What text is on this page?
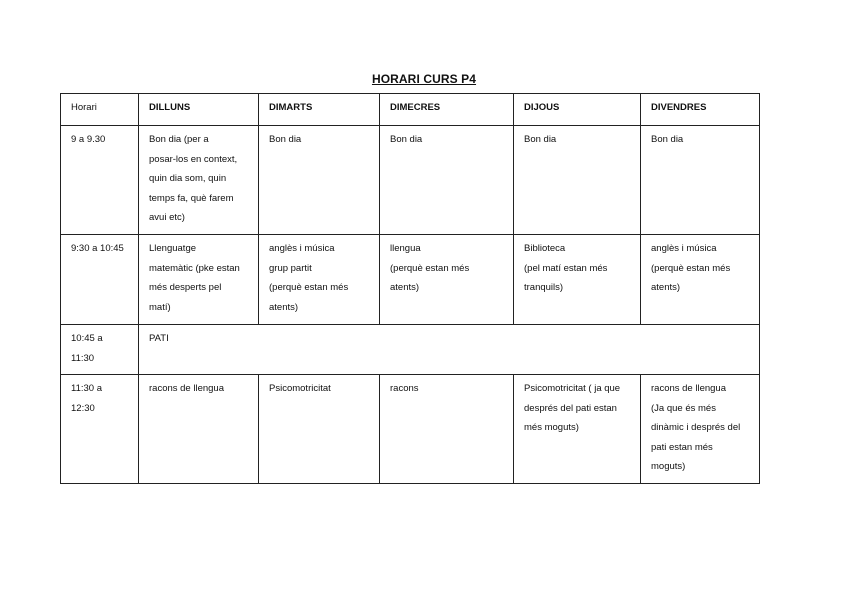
HORARI CURS P4
Horari	DILLUNS	DIMARTS	DIMECRES	DIJOUS	DIVENDRES
9 a 9.30	Bon dia (per a
posar-los en context,
quin dia som, quin
temps fa, què farem
avui etc)	Bon dia	Bon dia	Bon dia	Bon dia
9:30 a 10:45	Llenguatge
matemàtic (pke estan
més desperts pel
matí)	anglès i música
grup partit
(perquè estan més
atents)	llengua
(perquè estan més
atents)	Biblioteca
(pel matí estan més
tranquils)	anglès i música
(perquè estan més
atents)
10:45 a
11:30	PATI				
11:30 a
12:30	racons de llengua	Psicomotricitat	racons	Psicomotricitat ( ja que
després del pati estan
més moguts)	racons de llengua
(Ja que és més
dinàmic i després del
pati estan més
moguts)
